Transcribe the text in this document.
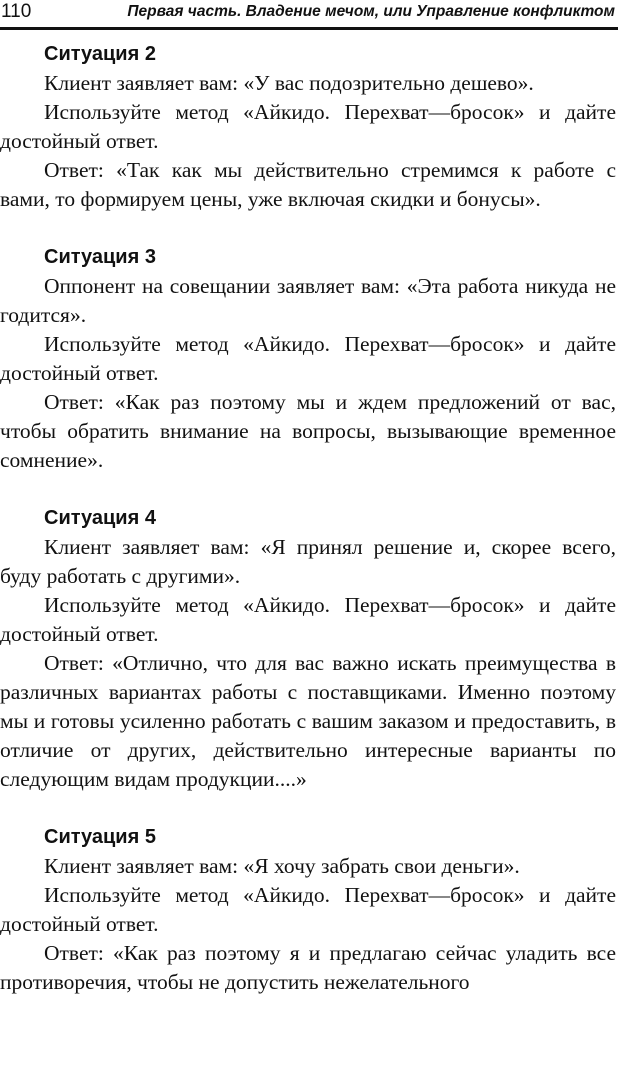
110	Первая часть. Владение мечом, или Управление конфликтом

Ситуация 2

Клиент заявляет вам: «У вас подозрительно дешево».

Используйте метод «Айкидо. Перехват—бросок» и дайте достойный ответ.

Ответ: «Так как мы действительно стремимся к работе с вами, то формируем цены, уже включая скидки и бонусы».

Ситуация 3

Оппонент на совещании заявляет вам: «Эта работа никуда не годится».

Используйте метод «Айкидо. Перехват—бросок» и дайте достойный ответ.

Ответ: «Как раз поэтому мы и ждем предложений от вас, чтобы обратить внимание на вопросы, вызывающие временное сомнение».

Ситуация 4

Клиент заявляет вам: «Я принял решение и, скорее всего, буду работать с другими».

Используйте метод «Айкидо. Перехват—бросок» и дайте достойный ответ.

Ответ: «Отлично, что для вас важно искать преимущества в различных вариантах работы с поставщиками. Именно поэтому мы и готовы усиленно работать с вашим заказом и предоставить, в отличие от других, действительно интересные варианты по следующим видам продукции....»

Ситуация 5

Клиент заявляет вам: «Я хочу забрать свои деньги».

Используйте метод «Айкидо. Перехват—бросок» и дайте достойный ответ.

Ответ: «Как раз поэтому я и предлагаю сейчас уладить все противоречия, чтобы не допустить нежелательного
